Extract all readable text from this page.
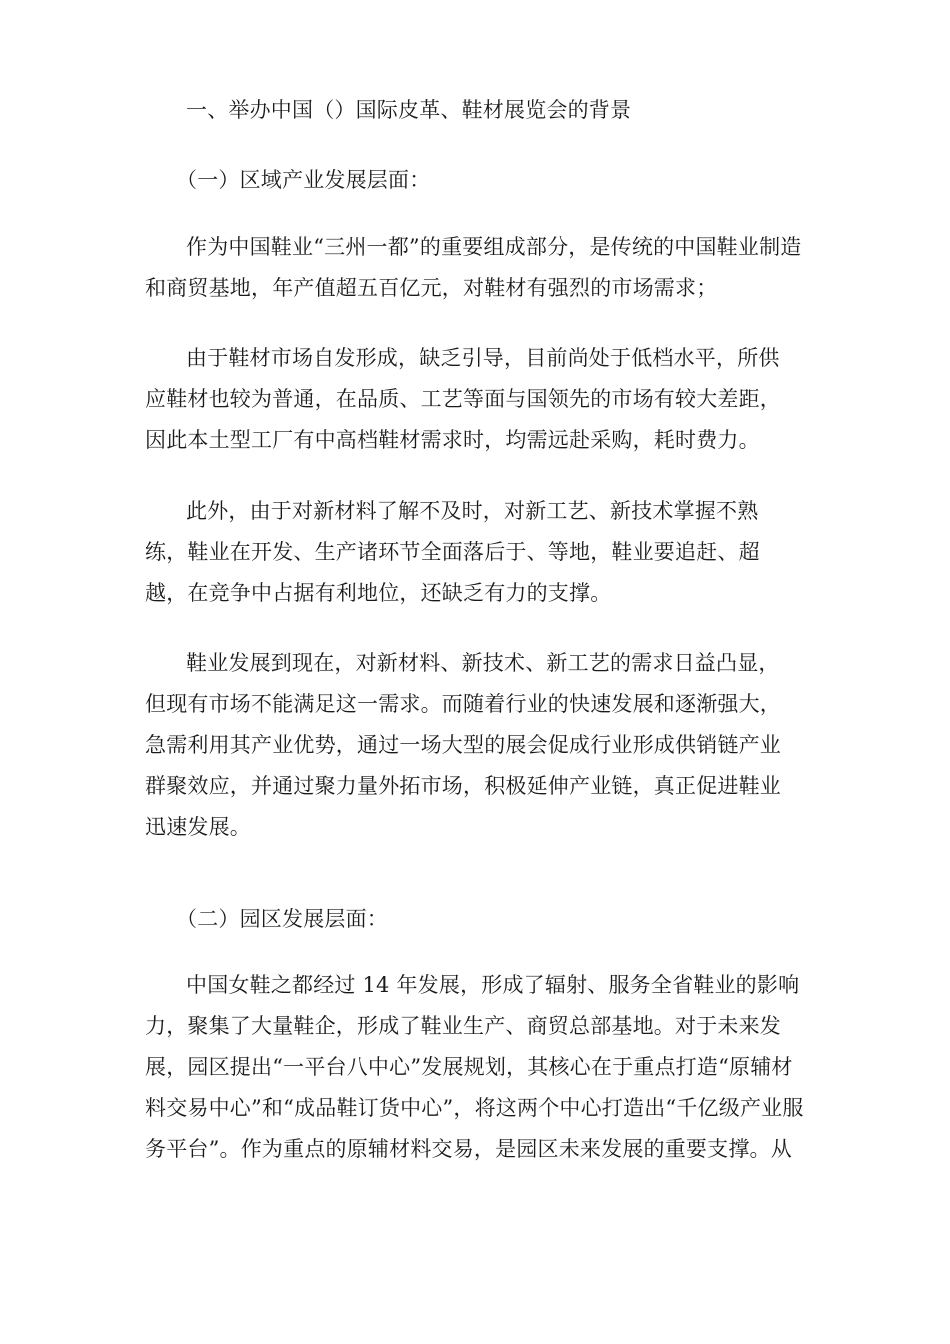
一、举办中国（）国际皮革、鞋材展览会的背景
（一）区域产业发展层面：
作为中国鞋业“三州一都”的重要组成部分，是传统的中国鞋业制造
和商贸基地，年产值超五百亿元，对鞋材有强烈的市场需求；
由于鞋材市场自发形成，缺乏引导，目前尚处于低档水平，所供
应鞋材也较为普通，在品质、工艺等面与国领先的市场有较大差距，
因此本土型工厂有中高档鞋材需求时，均需远赴采购，耗时费力。
此外，由于对新材料了解不及时，对新工艺、新技术掌握不熟
练，鞋业在开发、生产诸环节全面落后于、等地，鞋业要追赶、超
越，在竞争中占据有利地位，还缺乏有力的支撑。
鞋业发展到现在，对新材料、新技术、新工艺的需求日益凸显，
但现有市场不能满足这一需求。而随着行业的快速发展和逐渐强大，
急需利用其产业优势，通过一场大型的展会促成行业形成供销链产业
群聚效应，并通过聚力量外拓市场，积极延伸产业链，真正促进鞋业
迅速发展。
（二）园区发展层面：
中国女鞋之都经过 14 年发展，形成了辐射、服务全省鞋业的影响
力，聚集了大量鞋企，形成了鞋业生产、商贸总部基地。对于未来发
展，园区提出“一平台八中心”发展规划，其核心在于重点打造“原辅材
料交易中心”和“成品鞋订货中心”，将这两个中心打造出“千亿级产业服
务平台”。作为重点的原辅材料交易，是园区未来发展的重要支撑。从
